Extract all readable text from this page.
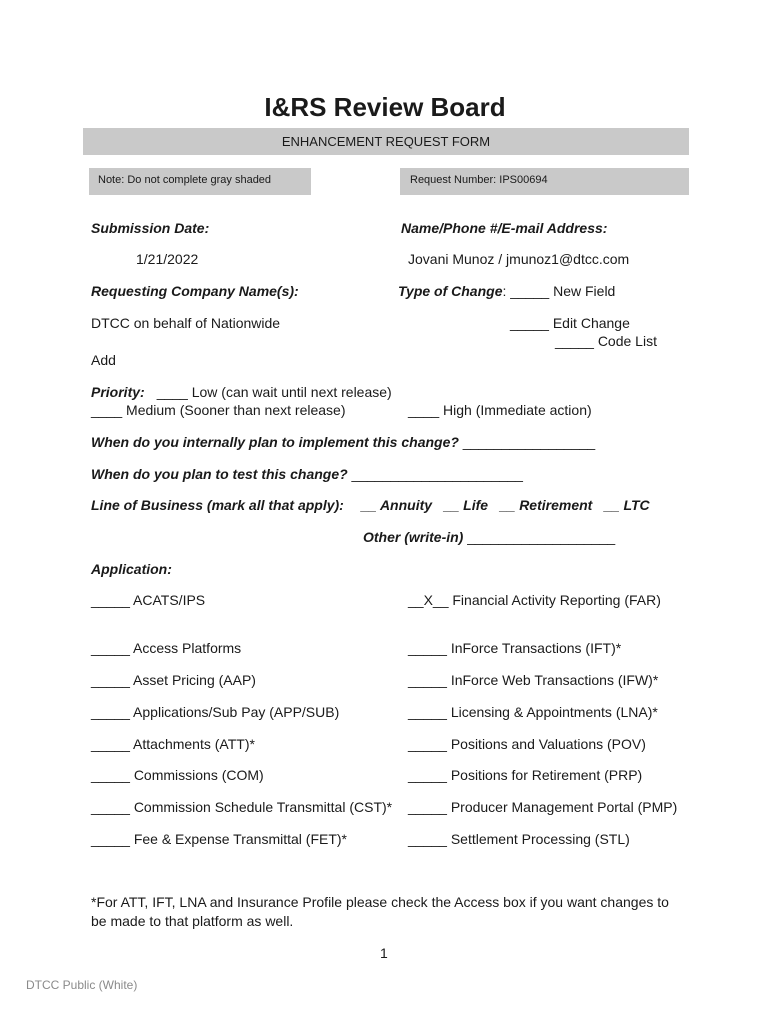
I&RS Review Board
ENHANCEMENT REQUEST FORM
Note: Do not complete gray shaded	Request Number: IPS00694
Submission Date:
1/21/2022
Name/Phone #/E-mail Address:
Jovani Munoz / jmunoz1@dtcc.com
Requesting Company Name(s):
DTCC on behalf of Nationwide
Type of Change: _____ New Field
_____ Edit Change
_____ Code List
Add
Priority: ____ Low (can wait until next release)
____ Medium (Sooner than next release)	____ High (Immediate action)
When do you internally plan to implement this change? _________________
When do you plan to test this change? ______________________
Line of Business (mark all that apply): __ Annuity   __ Life   __ Retirement   __ LTC
Other (write-in) ___________________
Application:
_____ ACATS/IPS
_____ Access Platforms
_____ Asset Pricing (AAP)
_____ Applications/Sub Pay (APP/SUB)
_____ Attachments (ATT)*
_____ Commissions (COM)
_____ Commission Schedule Transmittal (CST)*
_____ Fee & Expense Transmittal (FET)*
__X__ Financial Activity Reporting (FAR)
_____ InForce Transactions (IFT)*
_____ InForce Web Transactions (IFW)*
_____ Licensing & Appointments (LNA)*
_____ Positions and Valuations (POV)
_____ Positions for Retirement (PRP)
_____ Producer Management Portal (PMP)
_____ Settlement Processing (STL)
*For ATT, IFT, LNA and Insurance Profile please check the Access box if you want changes to
be made to that platform as well.
1
DTCC Public (White)
